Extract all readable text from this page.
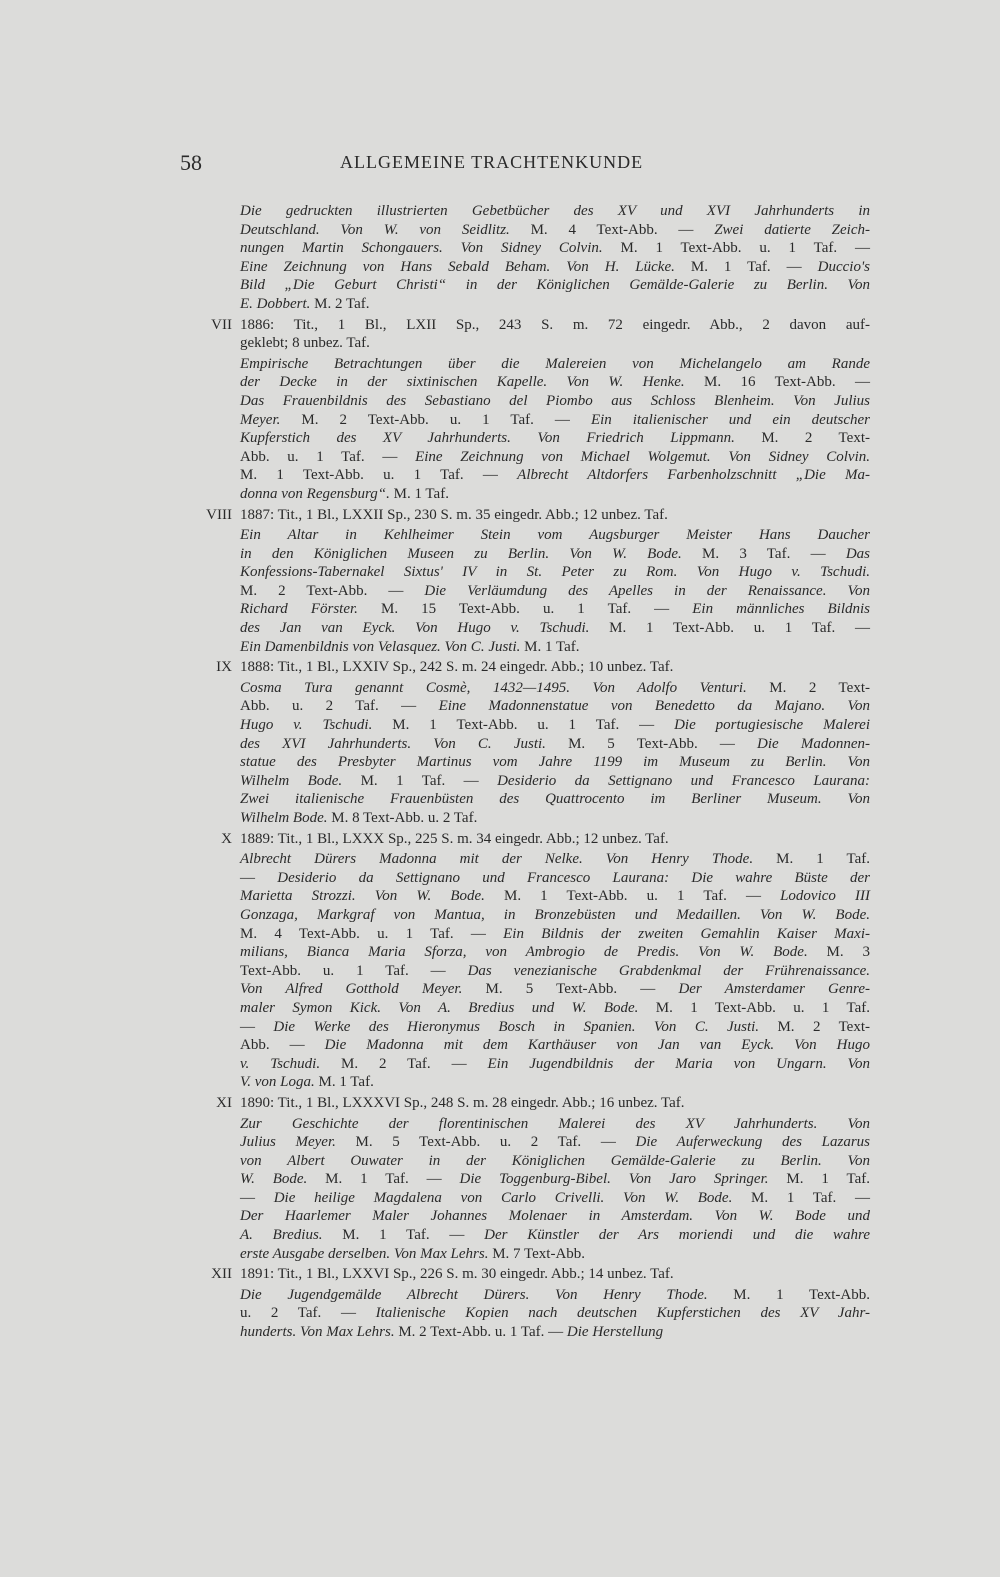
58	ALLGEMEINE TRACHTENKUNDE
Die gedruckten illustrierten Gebetbücher des XV und XVI Jahrhunderts in
Deutschland. Von W. von Seidlitz. M. 4 Text-Abb. — Zwei datierte Zeich-
nungen Martin Schongauers. Von Sidney Colvin. M. 1 Text-Abb. u. 1 Taf. —
Eine Zeichnung von Hans Sebald Beham. Von H. Lücke. M. 1 Taf. — Duccio's
Bild „Die Geburt Christi“ in der Königlichen Gemälde-Galerie zu Berlin. Von
E. Dobbert. M. 2 Taf.
VII 1886: Tit., 1 Bl., LXII Sp., 243 S. m. 72 eingedr. Abb., 2 davon auf-
geklebt; 8 unbez. Taf.
Empirische Betrachtungen über die Malereien von Michelangelo am Rande
der Decke in der sixtinischen Kapelle. Von W. Henke. M. 16 Text-Abb. —
Das Frauenbildnis des Sebastiano del Piombo aus Schloss Blenheim. Von Julius
Meyer. M. 2 Text-Abb. u. 1 Taf. — Ein italienischer und ein deutscher
Kupferstich des XV Jahrhunderts. Von Friedrich Lippmann. M. 2 Text-
Abb. u. 1 Taf. — Eine Zeichnung von Michael Wolgemut. Von Sidney Colvin.
M. 1 Text-Abb. u. 1 Taf. — Albrecht Altdorfers Farbenholzschnitt „Die Ma-
donna von Regensburg“. M. 1 Taf.
VIII 1887: Tit., 1 Bl., LXXII Sp., 230 S. m. 35 eingedr. Abb.; 12 unbez. Taf.
Ein Altar in Kehlheimer Stein vom Augsburger Meister Hans Daucher
in den Königlichen Museen zu Berlin. Von W. Bode. M. 3 Taf. — Das
Konfessions-Tabernakel Sixtus' IV in St. Peter zu Rom. Von Hugo v. Tschudi.
M. 2 Text-Abb. — Die Verläumdung des Apelles in der Renaissance. Von
Richard Förster. M. 15 Text-Abb. u. 1 Taf. — Ein männliches Bildnis
des Jan van Eyck. Von Hugo v. Tschudi. M. 1 Text-Abb. u. 1 Taf. —
Ein Damenbildnis von Velasquez. Von C. Justi. M. 1 Taf.
IX 1888: Tit., 1 Bl., LXXIV Sp., 242 S. m. 24 eingedr. Abb.; 10 unbez. Taf.
Cosma Tura genannt Cosmè, 1432—1495. Von Adolfo Venturi. M. 2 Text-
Abb. u. 2 Taf. — Eine Madonnenstatue von Benedetto da Majano. Von
Hugo v. Tschudi. M. 1 Text-Abb. u. 1 Taf. — Die portugiesische Malerei
des XVI Jahrhunderts. Von C. Justi. M. 5 Text-Abb. — Die Madonnen-
statue des Presbyter Martinus vom Jahre 1199 im Museum zu Berlin. Von
Wilhelm Bode. M. 1 Taf. — Desiderio da Settignano und Francesco Laurana:
Zwei italienische Frauenbüsten des Quattrocento im Berliner Museum. Von
Wilhelm Bode. M. 8 Text-Abb. u. 2 Taf.
X 1889: Tit., 1 Bl., LXXX Sp., 225 S. m. 34 eingedr. Abb.; 12 unbez. Taf.
Albrecht Dürers Madonna mit der Nelke. Von Henry Thode. M. 1 Taf.
— Desiderio da Settignano und Francesco Laurana: Die wahre Büste der
Marietta Strozzi. Von W. Bode. M. 1 Text-Abb. u. 1 Taf. — Lodovico III
Gonzaga, Markgraf von Mantua, in Bronzebüsten und Medaillen. Von W. Bode.
M. 4 Text-Abb. u. 1 Taf. — Ein Bildnis der zweiten Gemahlin Kaiser Maxi-
milians, Bianca Maria Sforza, von Ambrogio de Predis. Von W. Bode. M. 3
Text-Abb. u. 1 Taf. — Das venezianische Grabdenkmal der Frührenaissance.
Von Alfred Gotthold Meyer. M. 5 Text-Abb. — Der Amsterdamer Genre-
maler Symon Kick. Von A. Bredius und W. Bode. M. 1 Text-Abb. u. 1 Taf.
— Die Werke des Hieronymus Bosch in Spanien. Von C. Justi. M. 2 Text-
Abb. — Die Madonna mit dem Karthäuser von Jan van Eyck. Von Hugo
v. Tschudi. M. 2 Taf. — Ein Jugendbildnis der Maria von Ungarn. Von
V. von Loga. M. 1 Taf.
XI 1890: Tit., 1 Bl., LXXXVI Sp., 248 S. m. 28 eingedr. Abb.; 16 unbez. Taf.
Zur Geschichte der florentinischen Malerei des XV Jahrhunderts. Von
Julius Meyer. M. 5 Text-Abb. u. 2 Taf. — Die Auferweckung des Lazarus
von Albert Ouwater in der Königlichen Gemälde-Galerie zu Berlin. Von
W. Bode. M. 1 Taf. — Die Toggenburg-Bibel. Von Jaro Springer. M. 1 Taf.
— Die heilige Magdalena von Carlo Crivelli. Von W. Bode. M. 1 Taf. —
Der Haarlemer Maler Johannes Molenaer in Amsterdam. Von W. Bode und
A. Bredius. M. 1 Taf. — Der Künstler der Ars moriendi und die wahre
erste Ausgabe derselben. Von Max Lehrs. M. 7 Text-Abb.
XII 1891: Tit., 1 Bl., LXXVI Sp., 226 S. m. 30 eingedr. Abb.; 14 unbez. Taf.
Die Jugendgemälde Albrecht Dürers. Von Henry Thode. M. 1 Text-Abb.
u. 2 Taf. — Italienische Kopien nach deutschen Kupferstichen des XV Jahr-
hunderts. Von Max Lehrs. M. 2 Text-Abb. u. 1 Taf. — Die Herstellung
